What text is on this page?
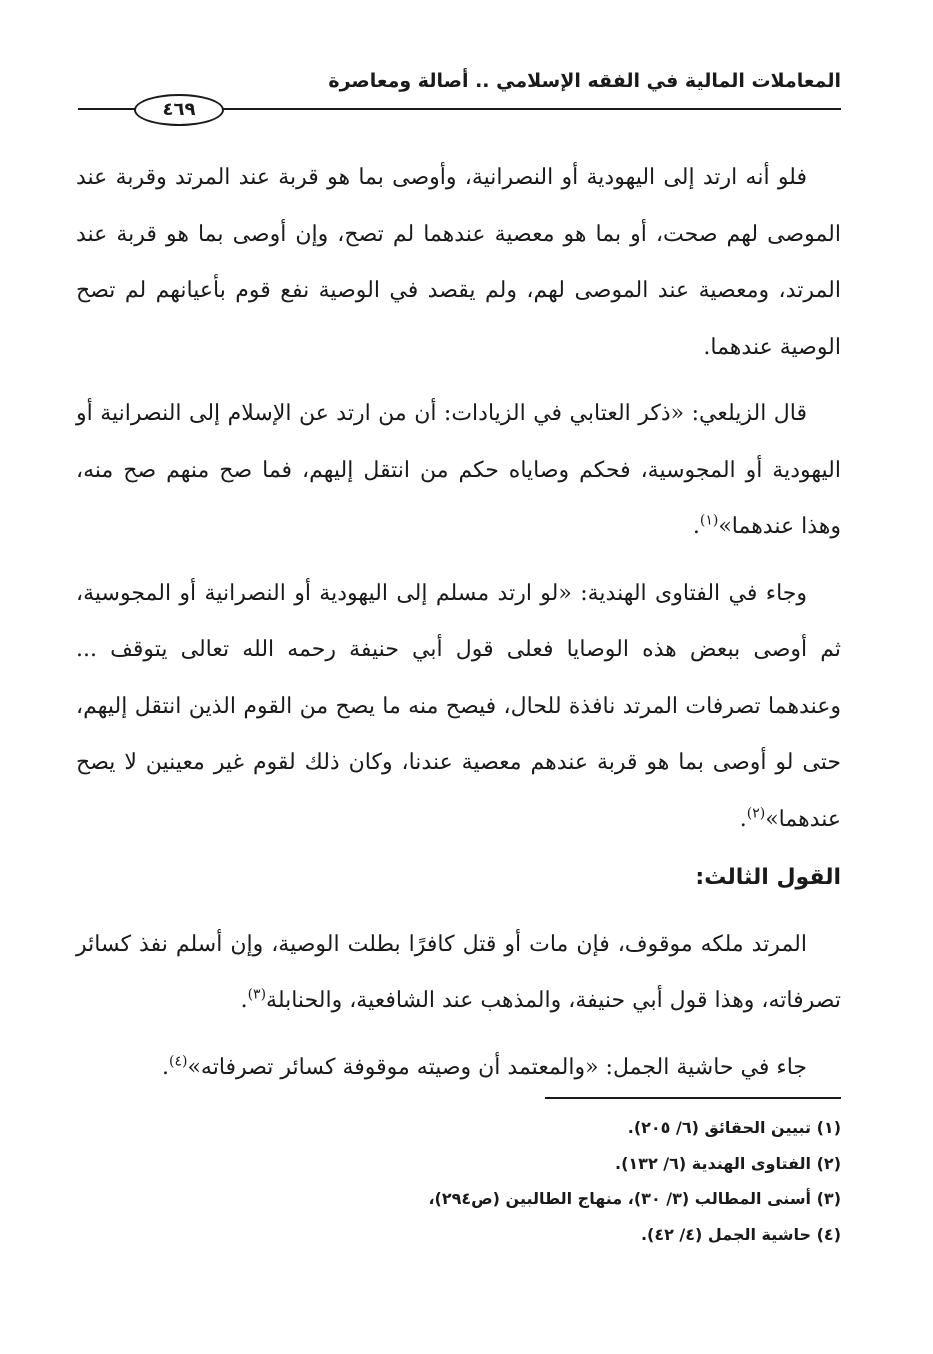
المعاملات المالية في الفقه الإسلامي .. أصالة ومعاصرة
٤٦٩

فلو أنه ارتد إلى اليهودية أو النصرانية، وأوصى بما هو قربة عند المرتد وقربة عند الموصى لهم صحت، أو بما هو معصية عندهما لم تصح، وإن أوصى بما هو قربة عند المرتد، ومعصية عند الموصى لهم، ولم يقصد في الوصية نفع قوم بأعيانهم لم تصح الوصية عندهما.

قال الزيلعي: «ذكر العتابي في الزيادات: أن من ارتد عن الإسلام إلى النصرانية أو اليهودية أو المجوسية، فحكم وصاياه حكم من انتقل إليهم، فما صح منهم صح منه، وهذا عندهما»$^{(١)}$.

وجاء في الفتاوى الهندية: «لو ارتد مسلم إلى اليهودية أو النصرانية أو المجوسية، ثم أوصى ببعض هذه الوصايا فعلى قول أبي حنيفة رحمه الله تعالى يتوقف ... وعندهما تصرفات المرتد نافذة للحال، فيصح منه ما يصح من القوم الذين انتقل إليهم، حتى لو أوصى بما هو قربة عندهم معصية عندنا، وكان ذلك لقوم غير معينين لا يصح عندهما»$^{(٢)}$.

القول الثالث:

المرتد ملكه موقوف، فإن مات أو قتل كافرًا بطلت الوصية، وإن أسلم نفذ كسائر تصرفاته، وهذا قول أبي حنيفة، والمذهب عند الشافعية، والحنابلة$^{(٣)}$.

جاء في حاشية الجمل: «والمعتمد أن وصيته موقوفة كسائر تصرفاته»$^{(٤)}$.

(١) تبيين الحقائق (٦/ ٢٠٥).
(٢) الفتاوى الهندية (٦/ ١٣٢).
(٣) أسنى المطالب (٣/ ٣٠)، منهاج الطالبين (ص٢٩٤)،
(٤) حاشية الجمل (٤/ ٤٢).
